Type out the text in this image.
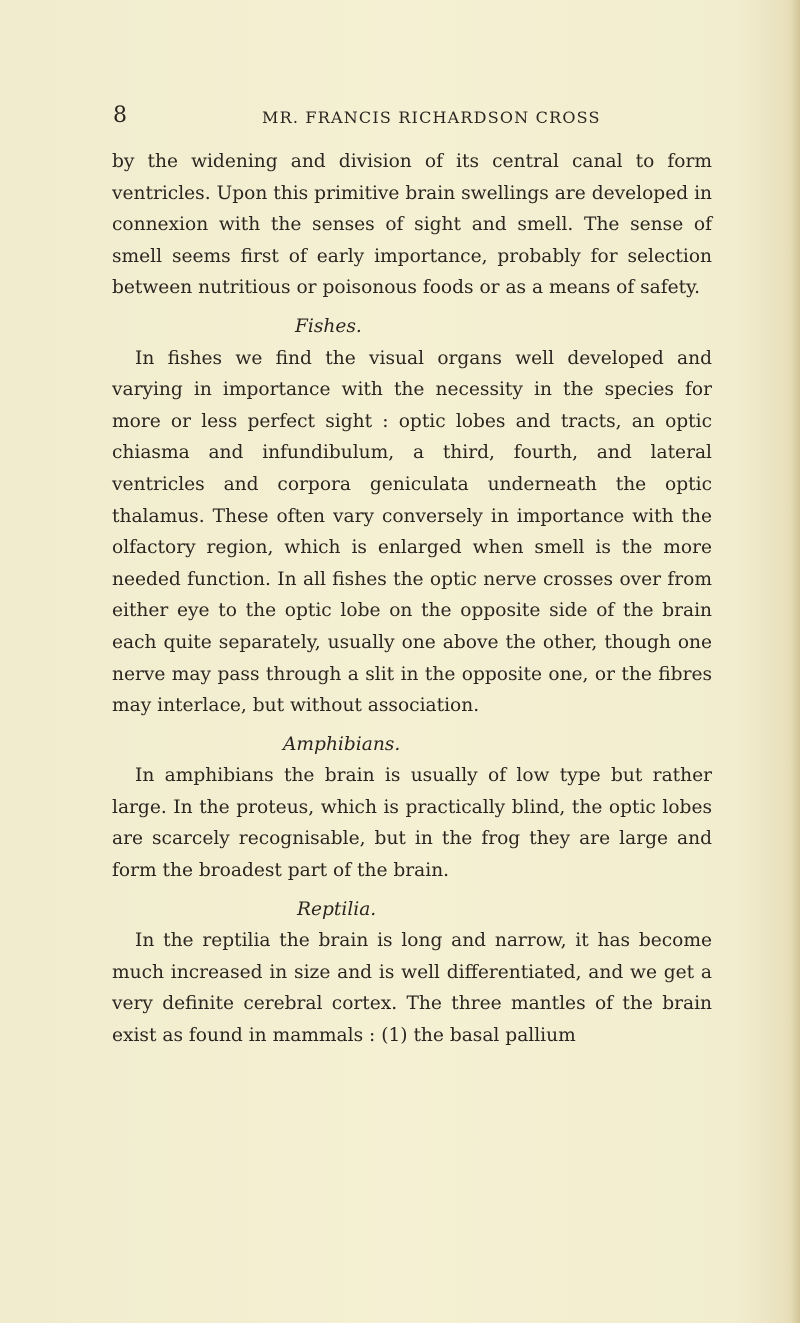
8	MR. FRANCIS RICHARDSON CROSS

by the widening and division of its central canal to form ventricles. Upon this primitive brain swellings are developed in connexion with the senses of sight and smell. The sense of smell seems first of early importance, probably for selection between nutritious or poisonous foods or as a means of safety.

Fishes.

In fishes we find the visual organs well developed and varying in importance with the necessity in the species for more or less perfect sight : optic lobes and tracts, an optic chiasma and infundibulum, a third, fourth, and lateral ventricles and corpora geniculata underneath the optic thalamus. These often vary conversely in importance with the olfactory region, which is enlarged when smell is the more needed function. In all fishes the optic nerve crosses over from either eye to the optic lobe on the opposite side of the brain each quite separately, usually one above the other, though one nerve may pass through a slit in the opposite one, or the fibres may interlace, but without association.

Amphibians.

In amphibians the brain is usually of low type but rather large. In the proteus, which is practically blind, the optic lobes are scarcely recognisable, but in the frog they are large and form the broadest part of the brain.

Reptilia.

In the reptilia the brain is long and narrow, it has become much increased in size and is well differentiated, and we get a very definite cerebral cortex. The three mantles of the brain exist as found in mammals : (1) the basal pallium
